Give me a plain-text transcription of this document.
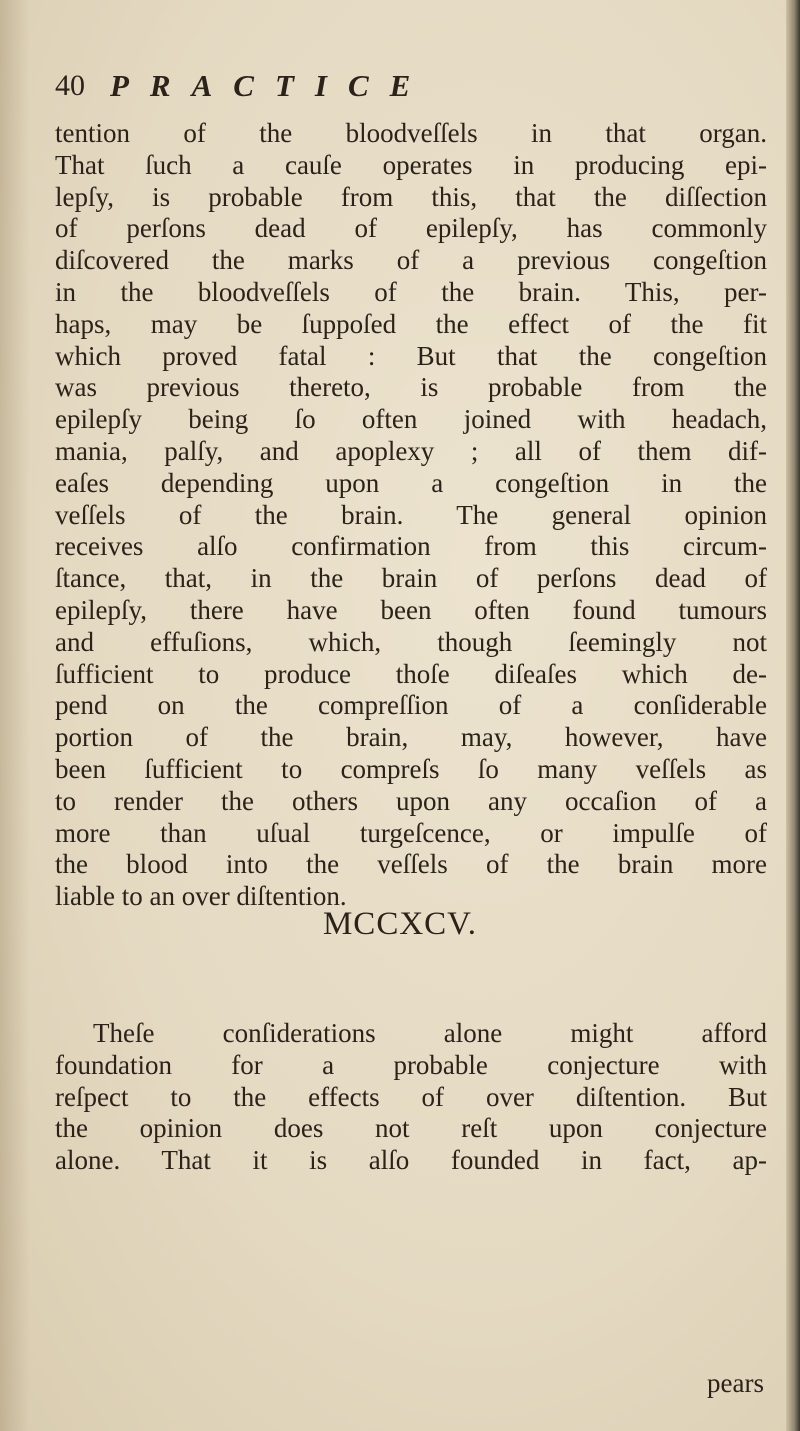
40 PRACTICE
tention of the bloodveſſels in that organ.
That ſuch a cauſe operates in producing epi-
lepſy, is probable from this, that the diſſection
of perſons dead of epilepſy, has commonly
diſcovered the marks of a previous congeſtion
in the bloodveſſels of the brain. This, per-
haps, may be ſuppoſed the effect of the fit
which proved fatal : But that the congeſtion
was previous thereto, is probable from the
epilepſy being ſo often joined with headach,
mania, palſy, and apoplexy ; all of them dif-
eaſes depending upon a congeſtion in the
veſſels of the brain. The general opinion
receives alſo confirmation from this circum-
ſtance, that, in the brain of perſons dead of
epilepſy, there have been often found tumours
and effuſions, which, though ſeemingly not
ſufficient to produce thoſe diſeaſes which de-
pend on the compreſſion of a conſiderable
portion of the brain, may, however, have
been ſufficient to compreſs ſo many veſſels as
to render the others upon any occaſion of a
more than uſual turgeſcence, or impulſe of
the blood into the veſſels of the brain more
liable to an over diſtention.
MCCXCV.
Theſe conſiderations alone might afford
foundation for a probable conjecture with
reſpect to the effects of over diſtention. But
the opinion does not reſt upon conjecture
alone. That it is alſo founded in fact, ap-
pears
